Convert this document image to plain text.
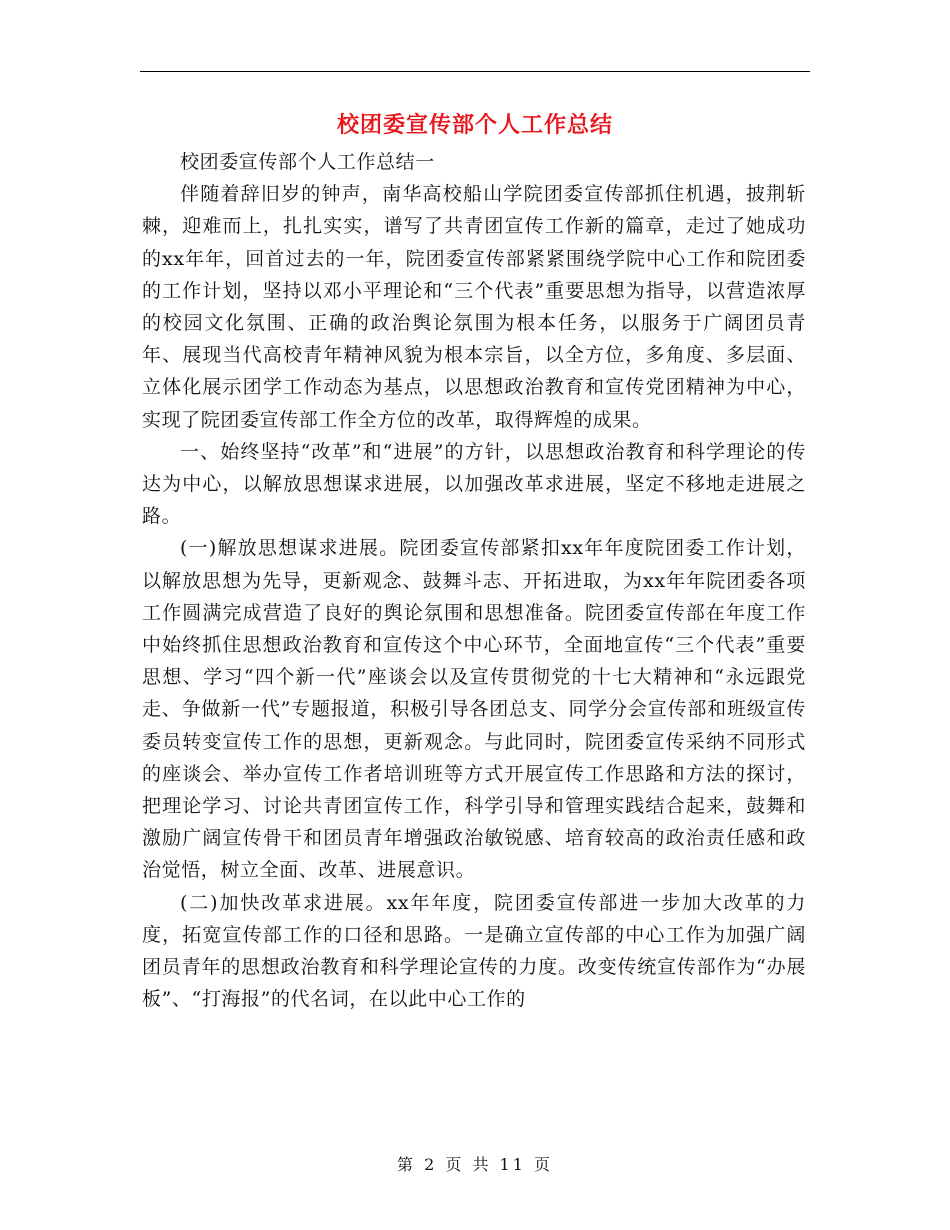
校团委宣传部个人工作总结

校团委宣传部个人工作总结一

伴随着辞旧岁的钟声，南华高校船山学院团委宣传部抓住机遇，披荆斩棘，迎难而上，扎扎实实，谱写了共青团宣传工作新的篇章，走过了她成功的xx年年，回首过去的一年，院团委宣传部紧紧围绕学院中心工作和院团委的工作计划，坚持以邓小平理论和“三个代表”重要思想为指导，以营造浓厚的校园文化氛围、正确的政治舆论氛围为根本任务，以服务于广阔团员青年、展现当代高校青年精神风貌为根本宗旨，以全方位，多角度、多层面、立体化展示团学工作动态为基点，以思想政治教育和宣传党团精神为中心，实现了院团委宣传部工作全方位的改革，取得辉煌的成果。

一、始终坚持“改革”和“进展”的方针，以思想政治教育和科学理论的传达为中心，以解放思想谋求进展，以加强改革求进展，坚定不移地走进展之路。

(一)解放思想谋求进展。院团委宣传部紧扣xx年年度院团委工作计划，以解放思想为先导，更新观念、鼓舞斗志、开拓进取，为xx年年院团委各项工作圆满完成营造了良好的舆论氛围和思想准备。院团委宣传部在年度工作中始终抓住思想政治教育和宣传这个中心环节，全面地宣传“三个代表”重要思想、学习“四个新一代”座谈会以及宣传贯彻党的十七大精神和“永远跟党走、争做新一代”专题报道，积极引导各团总支、同学分会宣传部和班级宣传委员转变宣传工作的思想，更新观念。与此同时，院团委宣传采纳不同形式的座谈会、举办宣传工作者培训班等方式开展宣传工作思路和方法的探讨，把理论学习、讨论共青团宣传工作，科学引导和管理实践结合起来，鼓舞和激励广阔宣传骨干和团员青年增强政治敏锐感、培育较高的政治责任感和政治觉悟，树立全面、改革、进展意识。

(二)加快改革求进展。xx年年度，院团委宣传部进一步加大改革的力度，拓宽宣传部工作的口径和思路。一是确立宣传部的中心工作为加强广阔团员青年的思想政治教育和科学理论宣传的力度。改变传统宣传部作为“办展板”、“打海报”的代名词，在以此中心工作的

第 2 页 共 11 页
